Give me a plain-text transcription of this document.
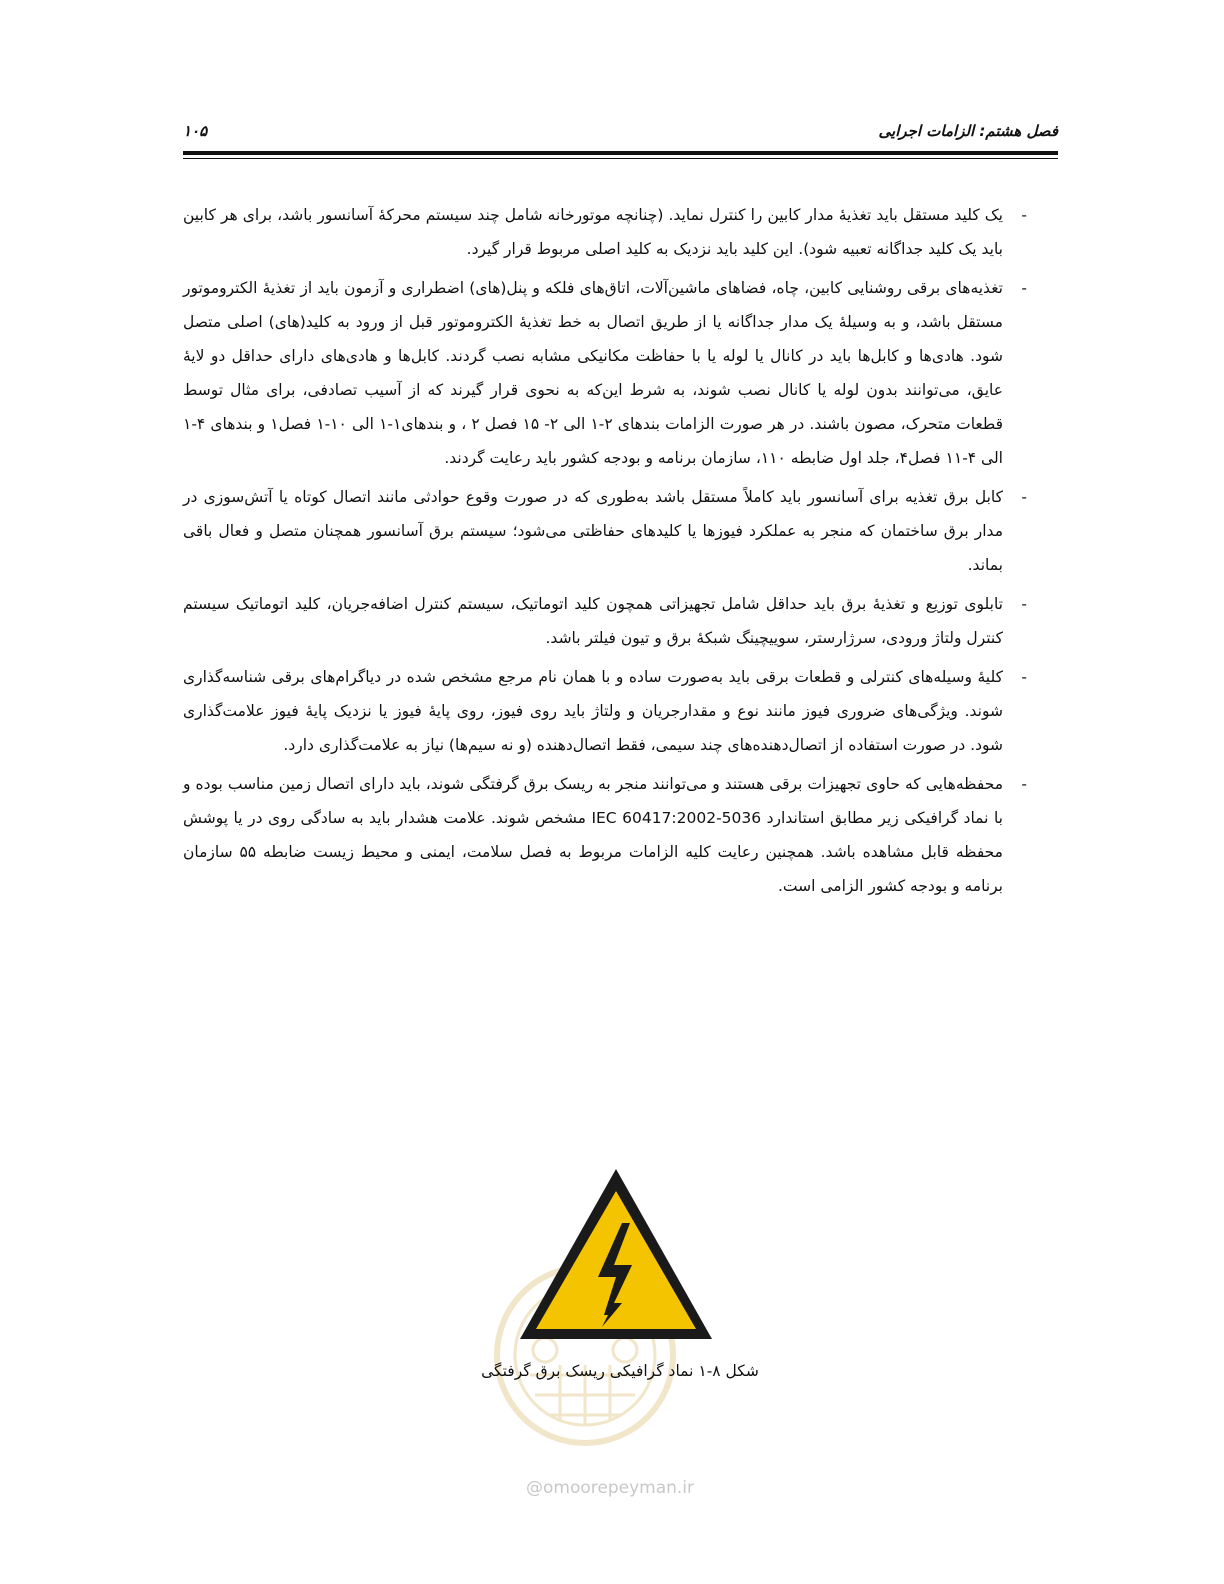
فصل هشتم: الزامات اجرایی
۱۰۵

-
یک کلید مستقل باید تغذیهٔ مدار کابین را کنترل نماید. (چنانچه موتورخانه شامل چند سیستم محرکهٔ آسانسور باشد، برای هر کابین باید یک کلید جداگانه تعبیه شود). این کلید باید نزدیک به کلید اصلی مربوط قرار گیرد.

-
تغذیه‌های برقی روشنایی کابین، چاه، فضاهای ماشین‌آلات، اتاق‌های فلکه و پنل(های) اضطراری و آزمون باید از تغذیهٔ الکتروموتور مستقل باشد، و به وسیلهٔ یک مدار جداگانه یا از طریق اتصال به خط تغذیهٔ الکتروموتور قبل از ورود به کلید(های) اصلی متصل شود. هادی‌ها و کابل‌ها باید در کانال یا لوله یا با حفاظت مکانیکی مشابه نصب گردند. کابل‌ها و هادی‌های دارای حداقل دو لایهٔ عایق، می‌توانند بدون لوله یا کانال نصب شوند، به شرط این‌که به نحوی قرار گیرند که از آسیب تصادفی، برای مثال توسط قطعات متحرک، مصون باشند. در هر صورت الزامات بندهای ۲-۱ الی ۲- ۱۵ فصل ۲ ، و بندهای۱-۱ الی ۱۰-۱ فصل۱ و بندهای ۴-۱ الی ۴-۱۱ فصل۴، جلد اول ضابطه ۱۱۰، سازمان برنامه و بودجه کشور باید رعایت گردند.

-
کابل برق تغذیه برای آسانسور باید کاملاً مستقل باشد به‌طوری که در صورت وقوع حوادثی مانند اتصال کوتاه یا آتش‌سوزی در مدار برق ساختمان که منجر به عملکرد فیوزها یا کلیدهای حفاظتی می‌شود؛ سیستم برق آسانسور همچنان متصل و فعال باقی بماند.

-
تابلوی توزیع و تغذیهٔ برق باید حداقل شامل تجهیزاتی همچون کلید اتوماتیک، سیستم کنترل اضافه‌جریان، کلید اتوماتیک سیستم کنترل ولتاژ ورودی، سرژارستر، سوییچینگ شبکهٔ برق و تیون فیلتر باشد.

-
کلیهٔ وسیله‌های کنترلی و قطعات برقی باید به‌صورت ساده و با همان نام مرجع مشخص شده در دیاگرام‌های برقی شناسه‌گذاری شوند. ویژگی‌های ضروری فیوز مانند نوع و مقدارجریان و ولتاژ باید روی فیوز، روی پایهٔ فیوز یا نزدیک پایهٔ فیوز علامت‌گذاری شود. در صورت استفاده از اتصال‌دهنده‌های چند سیمی، فقط اتصال‌دهنده (و نه سیم‌ها) نیاز به علامت‌گذاری دارد.

-
محفظه‌هایی که حاوی تجهیزات برقی هستند و می‌توانند منجر به ریسک برق گرفتگی شوند، باید دارای اتصال زمین مناسب بوده و با نماد گرافیکی زیر مطابق استاندارد IEC 60417:2002-5036 مشخص شوند. علامت هشدار باید به سادگی روی در یا پوشش محفظه قابل مشاهده باشد. همچنین رعایت کلیه الزامات مربوط به فصل سلامت، ایمنی و محیط زیست ضابطه ۵۵ سازمان برنامه و بودجه کشور الزامی است.

شکل ۸-۱ نماد گرافیکی ریسک برق گرفتگی
@omoorepeyman.ir
